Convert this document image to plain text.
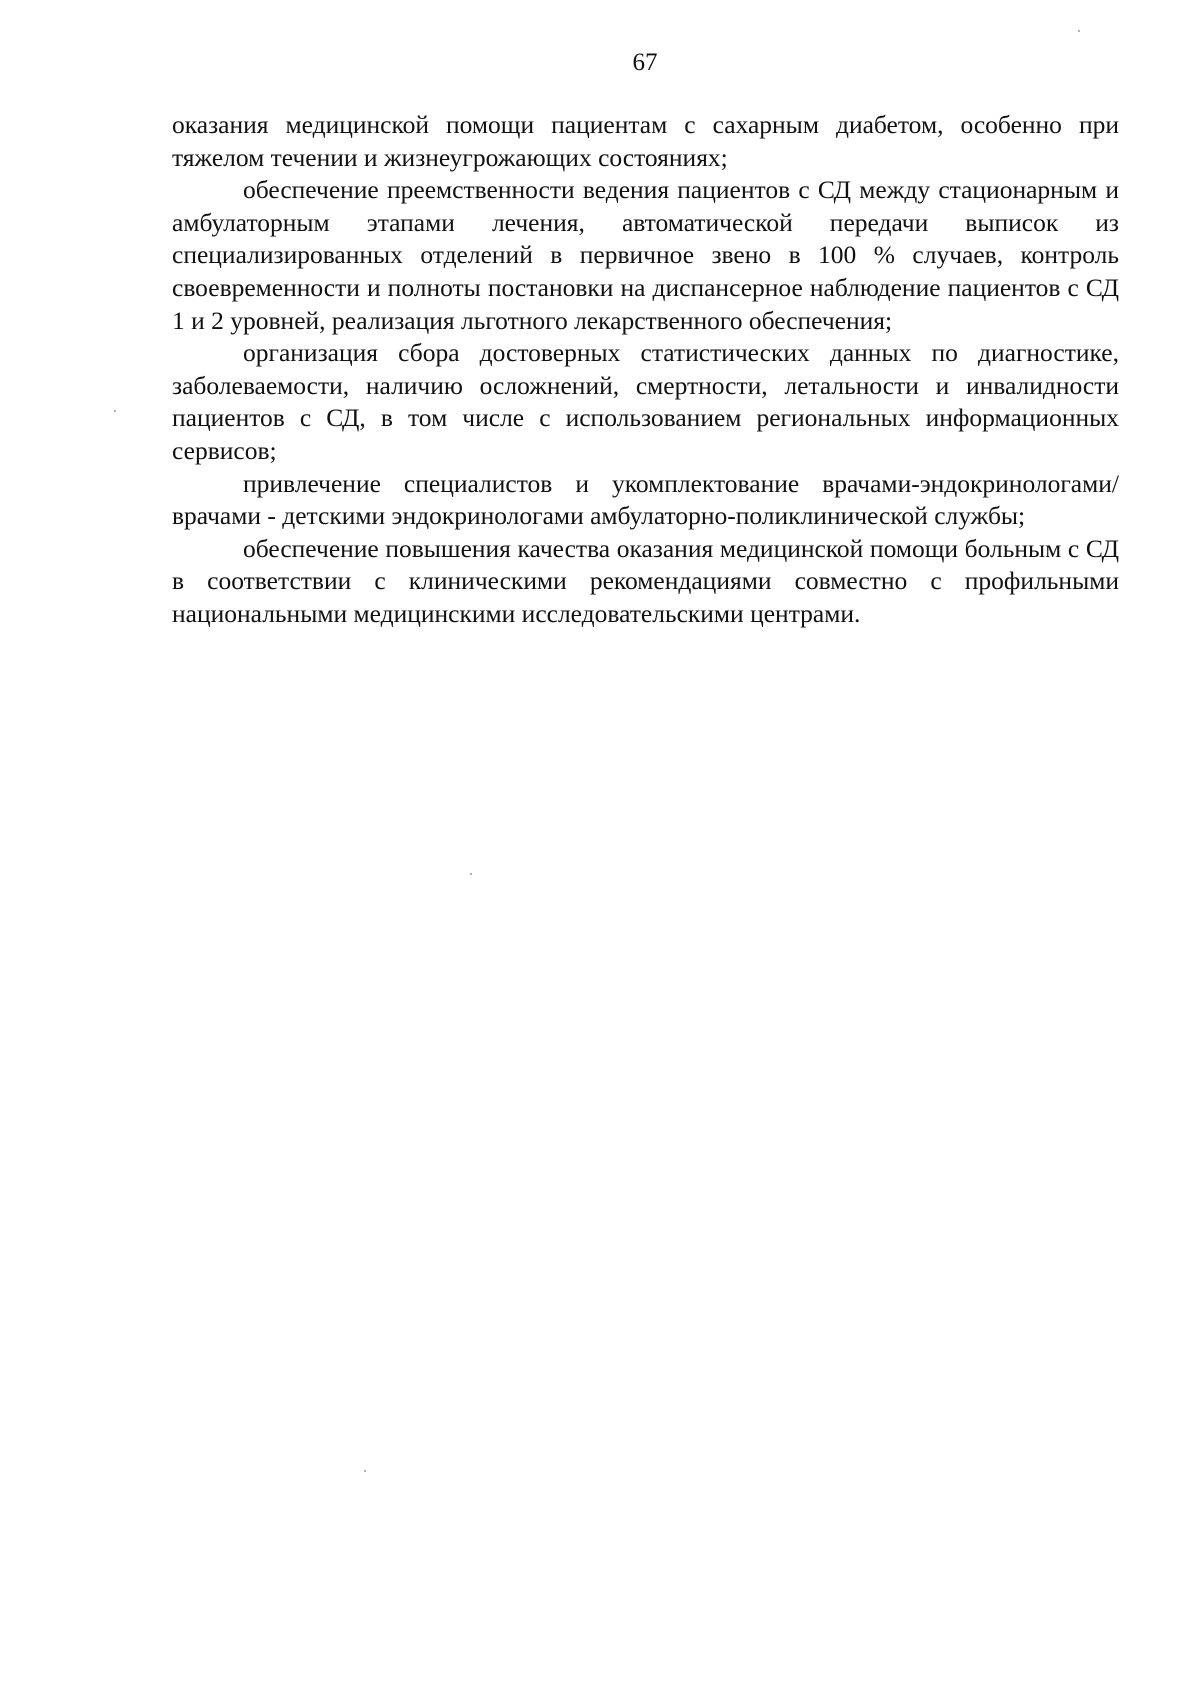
67

оказания медицинской помощи пациентам с сахарным диабетом, особенно при тяжелом течении и жизнеугрожающих состояниях;

обеспечение преемственности ведения пациентов с СД между стационарным и амбулаторным этапами лечения, автоматической передачи выписок из специализированных отделений в первичное звено в 100 % случаев, контроль своевременности и полноты постановки на диспансерное наблюдение пациентов с СД 1 и 2 уровней, реализация льготного лекарственного обеспечения;

организация сбора достоверных статистических данных по диагностике, заболеваемости, наличию осложнений, смертности, летальности и инвалидности пациентов с СД, в том числе с использованием региональных информационных сервисов;

привлечение специалистов и укомплектование врачами-эндокринологами/ врачами - детскими эндокринологами амбулаторно-поликлинической службы;

обеспечение повышения качества оказания медицинской помощи больным с СД в соответствии с клиническими рекомендациями совместно с профильными национальными медицинскими исследовательскими центрами.
